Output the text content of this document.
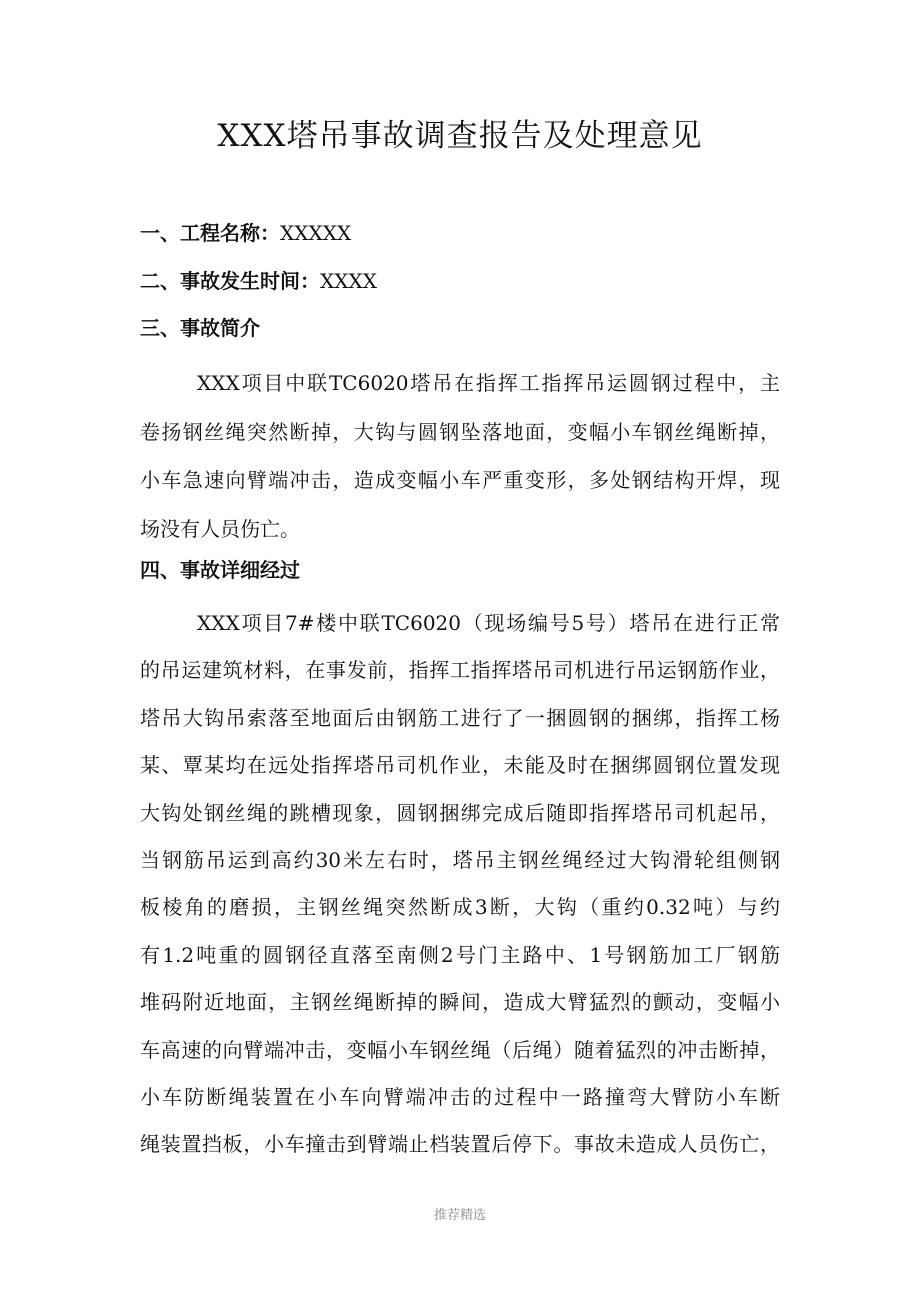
XXX塔吊事故调查报告及处理意见

一、工程名称：XXXXX

二、事故发生时间：XXXX

三、事故简介

XXX项目中联TC6020塔吊在指挥工指挥吊运圆钢过程中，主
卷扬钢丝绳突然断掉，大钩与圆钢坠落地面，变幅小车钢丝绳断掉，
小车急速向臂端冲击，造成变幅小车严重变形，多处钢结构开焊，现
场没有人员伤亡。

四、事故详细经过

XXX项目7#楼中联TC6020（现场编号5号）塔吊在进行正常
的吊运建筑材料，在事发前，指挥工指挥塔吊司机进行吊运钢筋作业，
塔吊大钩吊索落至地面后由钢筋工进行了一捆圆钢的捆绑，指挥工杨
某、覃某均在远处指挥塔吊司机作业，未能及时在捆绑圆钢位置发现
大钩处钢丝绳的跳槽现象，圆钢捆绑完成后随即指挥塔吊司机起吊，
当钢筋吊运到高约30米左右时，塔吊主钢丝绳经过大钩滑轮组侧钢
板棱角的磨损，主钢丝绳突然断成3断，大钩（重约0.32吨）与约
有1.2吨重的圆钢径直落至南侧2号门主路中、1号钢筋加工厂钢筋
堆码附近地面，主钢丝绳断掉的瞬间，造成大臂猛烈的颤动，变幅小
车高速的向臂端冲击，变幅小车钢丝绳（后绳）随着猛烈的冲击断掉，
小车防断绳装置在小车向臂端冲击的过程中一路撞弯大臂防小车断
绳装置挡板，小车撞击到臂端止档装置后停下。事故未造成人员伤亡，
推荐精选
